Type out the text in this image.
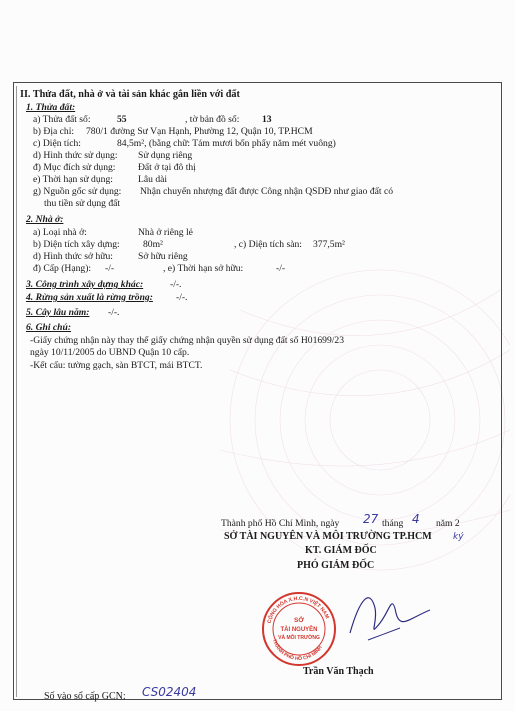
II. Thửa đất, nhà ở và tài sản khác gắn liền với đất
1. Thửa đất:
a) Thửa đất số:	55	, tờ bản đồ số: 13
b) Địa chỉ: 780/1 đường Sư Vạn Hạnh, Phường 12, Quận 10, TP.HCM
c) Diện tích:	84,5m², (bằng chữ: Tám mươi bốn phẩy năm mét vuông)
d) Hình thức sử dụng: Sử dụng riêng
đ) Mục đích sử dụng: Đất ở tại đô thị
e) Thời hạn sử dụng:	Lâu dài
g) Nguồn gốc sử dụng: Nhận chuyển nhượng đất được Công nhận QSDĐ như giao đất có
thu tiền sử dụng đất
2. Nhà ở:
a) Loại nhà ở:	Nhà ở riêng lẻ
b) Diện tích xây dựng: 80m²	, c) Diện tích sàn: 377,5m²
d) Hình thức sở hữu:	Sở hữu riêng
đ) Cấp (Hạng): -/-	, e) Thời hạn sở hữu:	-/-
3. Công trình xây dựng khác:	-/-.
4. Rừng sản xuất là rừng trồng: -/-.
5. Cây lâu năm: -/-.
6. Ghi chú:
-Giấy chứng nhận này thay thế giấy chứng nhận quyền sử dụng đất số H01699/23
ngày 10/11/2005 do UBND Quận 10 cấp.
-Kết cấu: tường gạch, sàn BTCT, mái BTCT.
Thành phố Hồ Chí Minh, ngày 27 tháng 4 năm 2
SỞ TÀI NGUYÊN VÀ MÔI TRƯỜNG TP.HCM
KT. GIÁM ĐỐC
PHÓ GIÁM ĐỐC
ký
CỘNG HÒA X.H.C.N VIỆT NAM
THÀNH PHỐ HỒ CHÍ MINH
SỞ
TÀI NGUYÊN
VÀ MÔI TRƯỜNG
Trần Văn Thạch
Số vào sổ cấp GCN: CS02404
